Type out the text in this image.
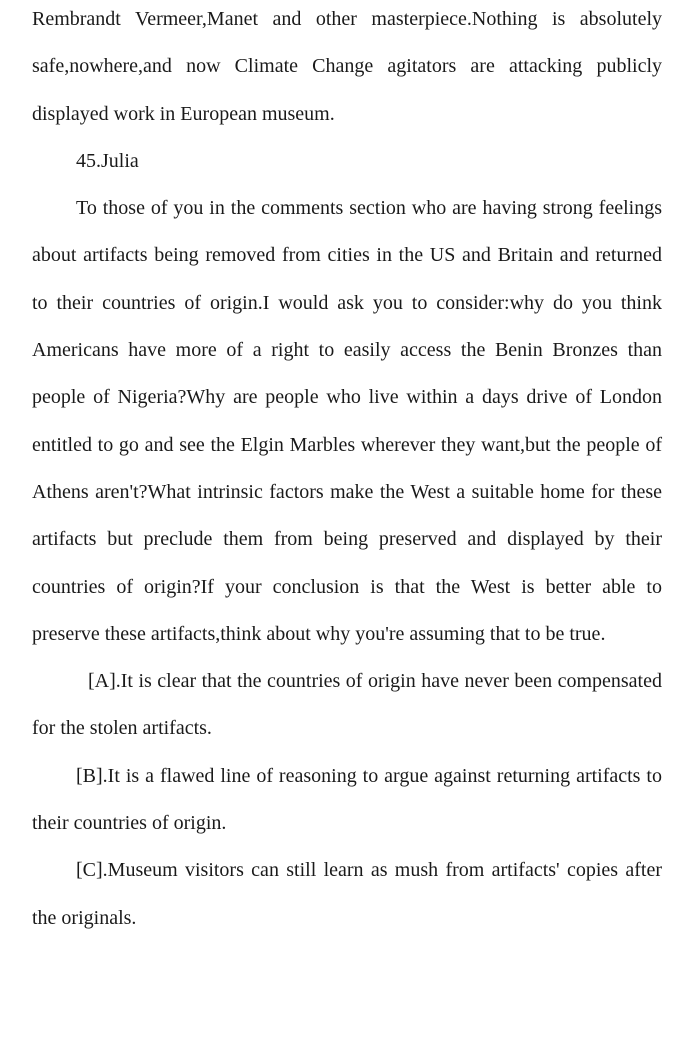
Rembrandt Vermeer,Manet and other masterpiece.Nothing is absolutely safe,nowhere,and now Climate Change agitators are attacking publicly displayed work in European museum.

45.Julia

To those of you in the comments section who are having strong feelings about artifacts being removed from cities in the US and Britain and returned to their countries of origin.I would ask you to consider:why do you think Americans have more of a right to easily access the Benin Bronzes than people of Nigeria?Why are people who live within a days drive of London entitled to go and see the Elgin Marbles wherever they want,but the people of Athens aren't?What intrinsic factors make the West a suitable home for these artifacts but preclude them from being preserved and displayed by their countries of origin?If your conclusion is that the West is better able to preserve these artifacts,think about why you're assuming that to be true.

[A].It is clear that the countries of origin have never been compensated for the stolen artifacts.

[B].It is a flawed line of reasoning to argue against returning artifacts to their countries of origin.

[C].Museum visitors can still learn as mush from artifacts' copies after the originals.
